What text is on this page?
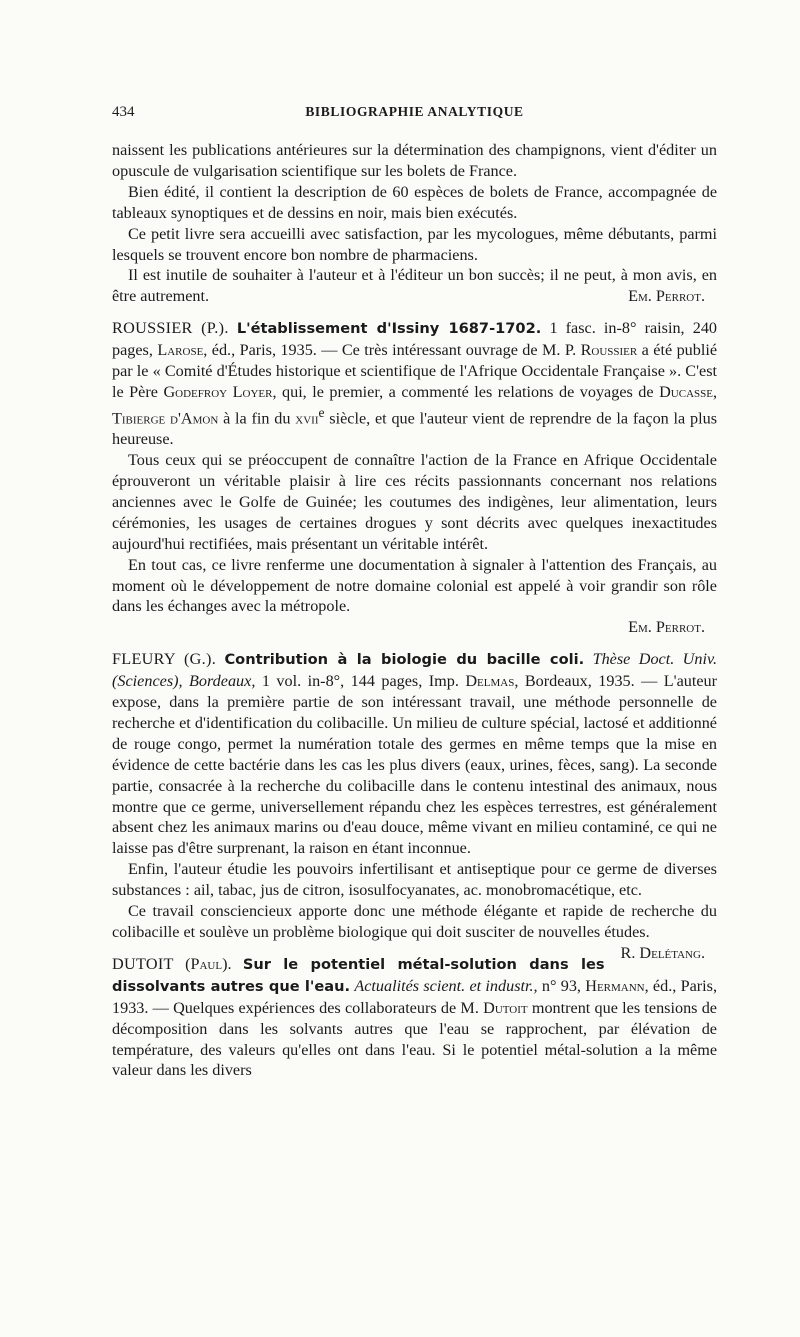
434	BIBLIOGRAPHIE ANALYTIQUE

naissent les publications antérieures sur la détermination des champignons, vient d'éditer un opuscule de vulgarisation scientifique sur les bolets de France.

Bien édité, il contient la description de 60 espèces de bolets de France, accompagnée de tableaux synoptiques et de dessins en noir, mais bien exécutés.

Ce petit livre sera accueilli avec satisfaction, par les mycologues, même débutants, parmi lesquels se trouvent encore bon nombre de pharmaciens.

Il est inutile de souhaiter à l'auteur et à l'éditeur un bon succès; il ne peut, à mon avis, en être autrement.	Em. Perrot.

ROUSSIER (P.). L'établissement d'Issiny 1687-1702. 1 fasc. in-8° raisin, 240 pages, Larose, éd., Paris, 1935. — Ce très intéressant ouvrage de M. P. Roussier a été publié par le « Comité d'Études historique et scientifique de l'Afrique Occidentale Française ». C'est le Père Godefroy Loyer, qui, le premier, a commenté les relations de voyages de Ducasse, Tibierge d'Amon à la fin du xvii$^e$ siècle, et que l'auteur vient de reprendre de la façon la plus heureuse.

Tous ceux qui se préoccupent de connaître l'action de la France en Afrique Occidentale éprouveront un véritable plaisir à lire ces récits passionnants concernant nos relations anciennes avec le Golfe de Guinée; les coutumes des indigènes, leur alimentation, leurs cérémonies, les usages de certaines drogues y sont décrits avec quelques inexactitudes aujourd'hui rectifiées, mais présentant un véritable intérêt.

En tout cas, ce livre renferme une documentation à signaler à l'attention des Français, au moment où le développement de notre domaine colonial est appelé à voir grandir son rôle dans les échanges avec la métropole.

Em. Perrot.

FLEURY (G.). Contribution à la biologie du bacille coli. Thèse Doct. Univ. (Sciences), Bordeaux, 1 vol. in-8°, 144 pages, Imp. Delmas, Bordeaux, 1935. — L'auteur expose, dans la première partie de son intéressant travail, une méthode personnelle de recherche et d'identification du colibacille. Un milieu de culture spécial, lactosé et additionné de rouge congo, permet la numération totale des germes en même temps que la mise en évidence de cette bactérie dans les cas les plus divers (eaux, urines, fèces, sang). La seconde partie, consacrée à la recherche du colibacille dans le contenu intestinal des animaux, nous montre que ce germe, universellement répandu chez les espèces terrestres, est généralement absent chez les animaux marins ou d'eau douce, même vivant en milieu contaminé, ce qui ne laisse pas d'être surprenant, la raison en étant inconnue.

Enfin, l'auteur étudie les pouvoirs infertilisant et antiseptique pour ce germe de diverses substances : ail, tabac, jus de citron, isosulfocyanates, ac. monobromacétique, etc.

Ce travail consciencieux apporte donc une méthode élégante et rapide de recherche du colibacille et soulève un problème biologique qui doit susciter de nouvelles études.
R. Delétang.

DUTOIT (Paul). Sur le potentiel métal-solution dans les dissolvants autres que l'eau. Actualités scient. et industr., n° 93, Hermann, éd., Paris, 1933. — Quelques expériences des collaborateurs de M. Dutoit montrent que les tensions de décomposition dans les solvants autres que l'eau se rapprochent, par élévation de température, des valeurs qu'elles ont dans l'eau. Si le potentiel métal-solution a la même valeur dans les divers
